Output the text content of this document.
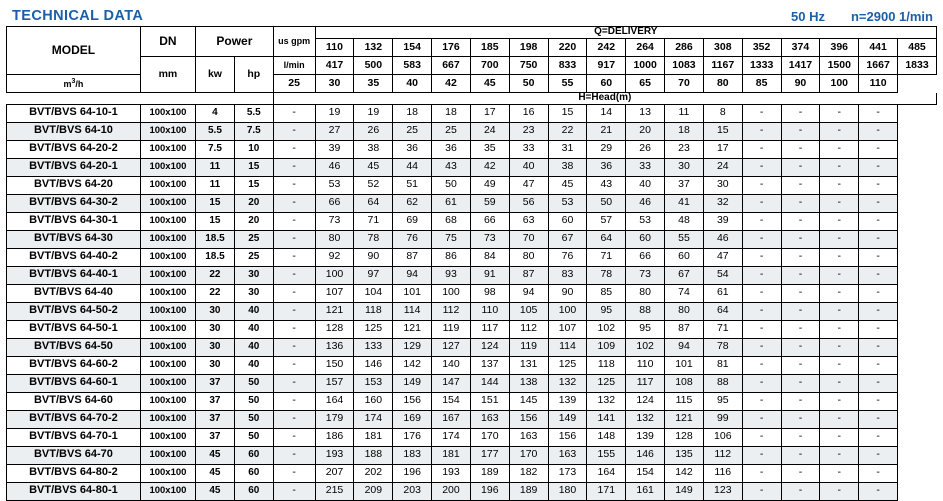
TECHNICAL DATA	50 Hz n=2900 1/min
MODEL	DN	Power		us gpm	Q=DELIVERY															
					110	132	154	176	185	198	220	242	264	286	308	352	374	396	441	485
	mm	kw	hp	l/min	417	500	583	667	700	750	833	917	1000	1083	1167	1333	1417	1500	1667	1833
$m^3/h$				25	30	35	40	42	45	50	55	60	65	70	80	85	90	100	110	
				H=Head(m)																
BVT/BVS 64-10-1	100x100	4	5.5	-	19	19	18	18	17	16	15	14	13	11	8	-	-	-	-	
BVT/BVS 64-10	100x100	5.5	7.5	-	27	26	25	25	24	23	22	21	20	18	15	-	-	-	-	
BVT/BVS 64-20-2	100x100	7.5	10	-	39	38	36	36	35	33	31	29	26	23	17	-	-	-	-	
BVT/BVS 64-20-1	100x100	11	15	-	46	45	44	43	42	40	38	36	33	30	24	-	-	-	-	
BVT/BVS 64-20	100x100	11	15	-	53	52	51	50	49	47	45	43	40	37	30	-	-	-	-	
BVT/BVS 64-30-2	100x100	15	20	-	66	64	62	61	59	56	53	50	46	41	32	-	-	-	-	
BVT/BVS 64-30-1	100x100	15	20	-	73	71	69	68	66	63	60	57	53	48	39	-	-	-	-	
BVT/BVS 64-30	100x100	18.5	25	-	80	78	76	75	73	70	67	64	60	55	46	-	-	-	-	
BVT/BVS 64-40-2	100x100	18.5	25	-	92	90	87	86	84	80	76	71	66	60	47	-	-	-	-	
BVT/BVS 64-40-1	100x100	22	30	-	100	97	94	93	91	87	83	78	73	67	54	-	-	-	-	
BVT/BVS 64-40	100x100	22	30	-	107	104	101	100	98	94	90	85	80	74	61	-	-	-	-	
BVT/BVS 64-50-2	100x100	30	40	-	121	118	114	112	110	105	100	95	88	80	64	-	-	-	-	
BVT/BVS 64-50-1	100x100	30	40	-	128	125	121	119	117	112	107	102	95	87	71	-	-	-	-	
BVT/BVS 64-50	100x100	30	40	-	136	133	129	127	124	119	114	109	102	94	78	-	-	-	-	
BVT/BVS 64-60-2	100x100	30	40	-	150	146	142	140	137	131	125	118	110	101	81	-	-	-	-	
BVT/BVS 64-60-1	100x100	37	50	-	157	153	149	147	144	138	132	125	117	108	88	-	-	-	-	
BVT/BVS 64-60	100x100	37	50	-	164	160	156	154	151	145	139	132	124	115	95	-	-	-	-	
BVT/BVS 64-70-2	100x100	37	50	-	179	174	169	167	163	156	149	141	132	121	99	-	-	-	-	
BVT/BVS 64-70-1	100x100	37	50	-	186	181	176	174	170	163	156	148	139	128	106	-	-	-	-	
BVT/BVS 64-70	100x100	45	60	-	193	188	183	181	177	170	163	155	146	135	112	-	-	-	-	
BVT/BVS 64-80-2	100x100	45	60	-	207	202	196	193	189	182	173	164	154	142	116	-	-	-	-	
BVT/BVS 64-80-1	100x100	45	60	-	215	209	203	200	196	189	180	171	161	149	123	-	-	-	-	
